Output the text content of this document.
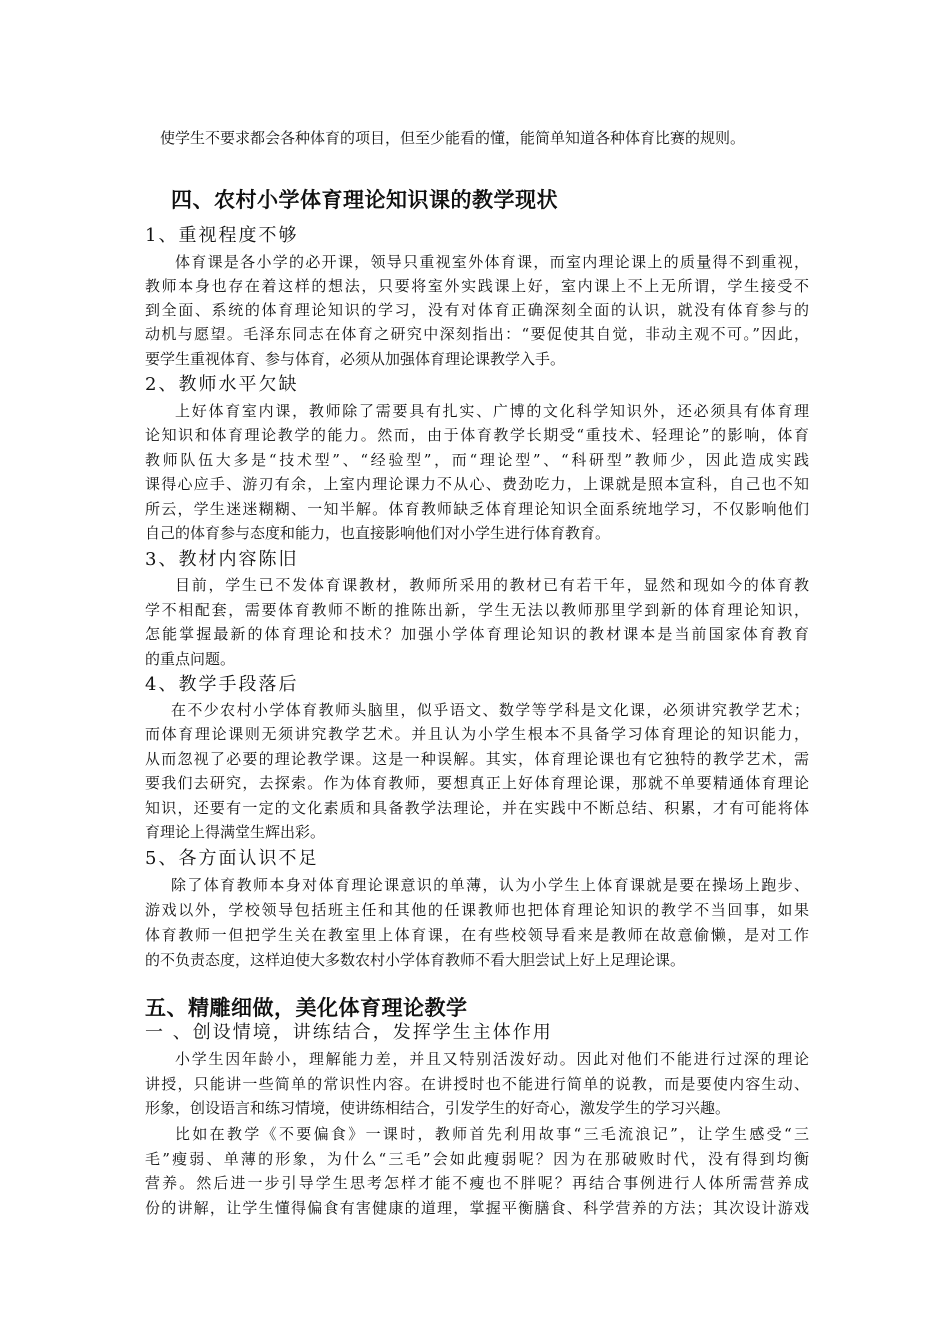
使学生不要求都会各种体育的项目，但至少能看的懂，能简单知道各种体育比赛的规则。
四、农村小学体育理论知识课的教学现状
1、重视程度不够
体育课是各小学的必开课，领导只重视室外体育课，而室内理论课上的质量得不到重视，
教师本身也存在着这样的想法，只要将室外实践课上好，室内课上不上无所谓，学生接受不
到全面、系统的体育理论知识的学习，没有对体育正确深刻全面的认识，就没有体育参与的
动机与愿望。毛泽东同志在体育之研究中深刻指出：“要促使其自觉，非动主观不可。”因此，
要学生重视体育、参与体育，必须从加强体育理论课教学入手。
2、教师水平欠缺
上好体育室内课，教师除了需要具有扎实、广博的文化科学知识外，还必须具有体育理
论知识和体育理论教学的能力。然而，由于体育教学长期受“重技术、轻理论”的影响，体育
教师队伍大多是“技术型”、“经验型”，而“理论型”、“科研型”教师少，因此造成实践
课得心应手、游刃有余，上室内理论课力不从心、费劲吃力，上课就是照本宣科，自己也不知
所云，学生迷迷糊糊、一知半解。体育教师缺乏体育理论知识全面系统地学习，不仅影响他们
自己的体育参与态度和能力，也直接影响他们对小学生进行体育教育。
3、教材内容陈旧
目前，学生已不发体育课教材，教师所采用的教材已有若干年，显然和现如今的体育教
学不相配套，需要体育教师不断的推陈出新，学生无法以教师那里学到新的体育理论知识，
怎能掌握最新的体育理论和技术？加强小学体育理论知识的教材课本是当前国家体育教育
的重点问题。
4、教学手段落后
在不少农村小学体育教师头脑里，似乎语文、数学等学科是文化课，必须讲究教学艺术；
而体育理论课则无须讲究教学艺术。并且认为小学生根本不具备学习体育理论的知识能力，
从而忽视了必要的理论教学课。这是一种误解。其实，体育理论课也有它独特的教学艺术，需
要我们去研究，去探索。作为体育教师，要想真正上好体育理论课，那就不单要精通体育理论
知识，还要有一定的文化素质和具备教学法理论，并在实践中不断总结、积累，才有可能将体
育理论上得满堂生辉出彩。
5、各方面认识不足
除了体育教师本身对体育理论课意识的单薄，认为小学生上体育课就是要在操场上跑步、
游戏以外，学校领导包括班主任和其他的任课教师也把体育理论知识的教学不当回事，如果
体育教师一但把学生关在教室里上体育课，在有些校领导看来是教师在故意偷懒，是对工作
的不负责态度，这样迫使大多数农村小学体育教师不看大胆尝试上好上足理论课。
五、精雕细做，美化体育理论教学
一 、创设情境，讲练结合，发挥学生主体作用
小学生因年龄小，理解能力差，并且又特别活泼好动。因此对他们不能进行过深的理论
讲授，只能讲一些简单的常识性内容。在讲授时也不能进行简单的说教，而是要使内容生动、
形象，创设语言和练习情境，使讲练相结合，引发学生的好奇心，激发学生的学习兴趣。
比如在教学《不要偏食》一课时，教师首先利用故事“三毛流浪记”，让学生感受“三
毛”瘦弱、单薄的形象，为什么“三毛”会如此瘦弱呢？因为在那破败时代，没有得到均衡
营养。然后进一步引导学生思考怎样才能不瘦也不胖呢？再结合事例进行人体所需营养成
份的讲解，让学生懂得偏食有害健康的道理，掌握平衡膳食、科学营养的方法；其次设计游戏
